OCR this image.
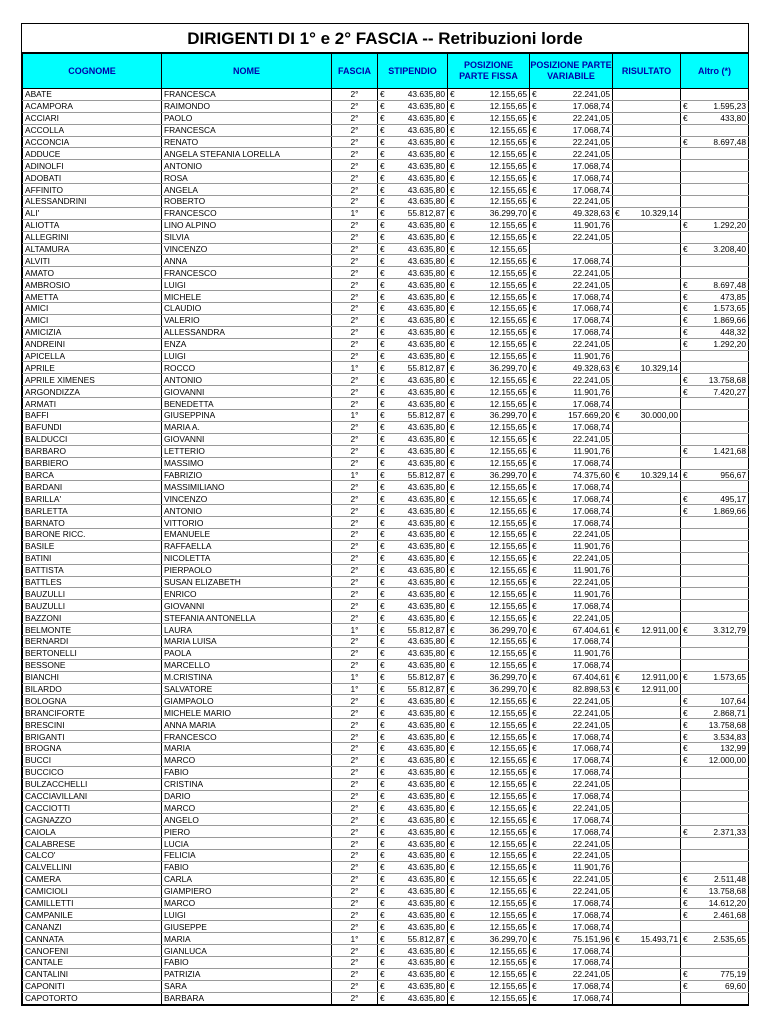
DIRIGENTI DI 1° e 2° FASCIA -- Retribuzioni lorde
COGNOME	NOME	FASCIA	STIPENDIO	POSIZIONE PARTE FISSA	POSIZIONE PARTE VARIABILE	RISULTATO	Altro (*)
ABATE	FRANCESCA	2°	€ 43.635,80	€ 12.155,65	€ 22.241,05		

ACAMPORA	RAIMONDO	2°	€ 43.635,80	€ 12.155,65	€ 17.068,74		€ 1.595,23

ACCIARI	PAOLO	2°	€ 43.635,80	€ 12.155,65	€ 22.241,05		€ 433,80

ACCOLLA	FRANCESCA	2°	€ 43.635,80	€ 12.155,65	€ 17.068,74		

ACCONCIA	RENATO	2°	€ 43.635,80	€ 12.155,65	€ 22.241,05		€ 8.697,48

ADDUCE	ANGELA STEFANIA LORELLA	2°	€ 43.635,80	€ 12.155,65	€ 22.241,05		

ADINOLFI	ANTONIO	2°	€ 43.635,80	€ 12.155,65	€ 17.068,74		

ADOBATI	ROSA	2°	€ 43.635,80	€ 12.155,65	€ 17.068,74		

AFFINITO	ANGELA	2°	€ 43.635,80	€ 12.155,65	€ 17.068,74		

ALESSANDRINI	ROBERTO	2°	€ 43.635,80	€ 12.155,65	€ 22.241,05		

ALI'	FRANCESCO	1°	€ 55.812,87	€ 36.299,70	€ 49.328,63	€ 10.329,14	

ALIOTTA	LINO ALPINO	2°	€ 43.635,80	€ 12.155,65	€ 11.901,76		€ 1.292,20

ALLEGRINI	SILVIA	2°	€ 43.635,80	€ 12.155,65	€ 22.241,05		

ALTAMURA	VINCENZO	2°	€ 43.635,80	€ 12.155,65			€ 3.208,40

ALVITI	ANNA	2°	€ 43.635,80	€ 12.155,65	€ 17.068,74		

AMATO	FRANCESCO	2°	€ 43.635,80	€ 12.155,65	€ 22.241,05		

AMBROSIO	LUIGI	2°	€ 43.635,80	€ 12.155,65	€ 22.241,05		€ 8.697,48

AMETTA	MICHELE	2°	€ 43.635,80	€ 12.155,65	€ 17.068,74		€ 473,85

AMICI	CLAUDIO	2°	€ 43.635,80	€ 12.155,65	€ 17.068,74		€ 1.573,65

AMICI	VALERIO	2°	€ 43.635,80	€ 12.155,65	€ 17.068,74		€ 1.869,66

AMICIZIA	ALLESSANDRA	2°	€ 43.635,80	€ 12.155,65	€ 17.068,74		€ 448,32

ANDREINI	ENZA	2°	€ 43.635,80	€ 12.155,65	€ 22.241,05		€ 1.292,20

APICELLA	LUIGI	2°	€ 43.635,80	€ 12.155,65	€ 11.901,76		

APRILE	ROCCO	1°	€ 55.812,87	€ 36.299,70	€ 49.328,63	€ 10.329,14	

APRILE XIMENES	ANTONIO	2°	€ 43.635,80	€ 12.155,65	€ 22.241,05		€ 13.758,68

ARGONDIZZA	GIOVANNI	2°	€ 43.635,80	€ 12.155,65	€ 11.901,76		€ 7.420,27

ARMATI	BENEDETTA	2°	€ 43.635,80	€ 12.155,65	€ 17.068,74		

BAFFI	GIUSEPPINA	1°	€ 55.812,87	€ 36.299,70	€ 157.669,20	€ 30.000,00	

BAFUNDI	MARIA A.	2°	€ 43.635,80	€ 12.155,65	€ 17.068,74		

BALDUCCI	GIOVANNI	2°	€ 43.635,80	€ 12.155,65	€ 22.241,05		

BARBARO	LETTERIO	2°	€ 43.635,80	€ 12.155,65	€ 11.901,76		€ 1.421,68

BARBIERO	MASSIMO	2°	€ 43.635,80	€ 12.155,65	€ 17.068,74		

BARCA	FABRIZIO	1°	€ 55.812,87	€ 36.299,70	€ 74.375,60	€ 10.329,14	€ 956,67

BARDANI	MASSIMILIANO	2°	€ 43.635,80	€ 12.155,65	€ 17.068,74		

BARILLA'	VINCENZO	2°	€ 43.635,80	€ 12.155,65	€ 17.068,74		€ 495,17

BARLETTA	ANTONIO	2°	€ 43.635,80	€ 12.155,65	€ 17.068,74		€ 1.869,66

BARNATO	VITTORIO	2°	€ 43.635,80	€ 12.155,65	€ 17.068,74		

BARONE RICC.	EMANUELE	2°	€ 43.635,80	€ 12.155,65	€ 22.241,05		

BASILE	RAFFAELLA	2°	€ 43.635,80	€ 12.155,65	€ 11.901,76		

BATINI	NICOLETTA	2°	€ 43.635,80	€ 12.155,65	€ 22.241,05		

BATTISTA	PIERPAOLO	2°	€ 43.635,80	€ 12.155,65	€ 11.901,76		

BATTLES	SUSAN ELIZABETH	2°	€ 43.635,80	€ 12.155,65	€ 22.241,05		

BAUZULLI	ENRICO	2°	€ 43.635,80	€ 12.155,65	€ 11.901,76		

BAUZULLI	GIOVANNI	2°	€ 43.635,80	€ 12.155,65	€ 17.068,74		

BAZZONI	STEFANIA ANTONELLA	2°	€ 43.635,80	€ 12.155,65	€ 22.241,05		

BELMONTE	LAURA	1°	€ 55.812,87	€ 36.299,70	€ 67.404,61	€ 12.911,00	€ 3.312,79

BERNARDI	MARIA LUISA	2°	€ 43.635,80	€ 12.155,65	€ 17.068,74		

BERTONELLI	PAOLA	2°	€ 43.635,80	€ 12.155,65	€ 11.901,76		

BESSONE	MARCELLO	2°	€ 43.635,80	€ 12.155,65	€ 17.068,74		

BIANCHI	M.CRISTINA	1°	€ 55.812,87	€ 36.299,70	€ 67.404,61	€ 12.911,00	€ 1.573,65

BILARDO	SALVATORE	1°	€ 55.812,87	€ 36.299,70	€ 82.898,53	€ 12.911,00	

BOLOGNA	GIAMPAOLO	2°	€ 43.635,80	€ 12.155,65	€ 22.241,05		€ 107,64

BRANCIFORTE	MICHELE MARIO	2°	€ 43.635,80	€ 12.155,65	€ 22.241,05		€ 2.868,71

BRESCINI	ANNA MARIA	2°	€ 43.635,80	€ 12.155,65	€ 22.241,05		€ 13.758,68

BRIGANTI	FRANCESCO	2°	€ 43.635,80	€ 12.155,65	€ 17.068,74		€ 3.534,83

BROGNA	MARIA	2°	€ 43.635,80	€ 12.155,65	€ 17.068,74		€ 132,99

BUCCI	MARCO	2°	€ 43.635,80	€ 12.155,65	€ 17.068,74		€ 12.000,00

BUCCICO	FABIO	2°	€ 43.635,80	€ 12.155,65	€ 17.068,74		

BULZACCHELLI	CRISTINA	2°	€ 43.635,80	€ 12.155,65	€ 22.241,05		

CACCIAVILLANI	DARIO	2°	€ 43.635,80	€ 12.155,65	€ 17.068,74		

CACCIOTTI	MARCO	2°	€ 43.635,80	€ 12.155,65	€ 22.241,05		

CAGNAZZO	ANGELO	2°	€ 43.635,80	€ 12.155,65	€ 17.068,74		

CAIOLA	PIERO	2°	€ 43.635,80	€ 12.155,65	€ 17.068,74		€ 2.371,33

CALABRESE	LUCIA	2°	€ 43.635,80	€ 12.155,65	€ 22.241,05		

CALCO'	FELICIA	2°	€ 43.635,80	€ 12.155,65	€ 22.241,05		

CALVELLINI	FABIO	2°	€ 43.635,80	€ 12.155,65	€ 11.901,76		

CAMERA	CARLA	2°	€ 43.635,80	€ 12.155,65	€ 22.241,05		€ 2.511,48

CAMICIOLI	GIAMPIERO	2°	€ 43.635,80	€ 12.155,65	€ 22.241,05		€ 13.758,68

CAMILLETTI	MARCO	2°	€ 43.635,80	€ 12.155,65	€ 17.068,74		€ 14.612,20

CAMPANILE	LUIGI	2°	€ 43.635,80	€ 12.155,65	€ 17.068,74		€ 2.461,68

CANANZI	GIUSEPPE	2°	€ 43.635,80	€ 12.155,65	€ 17.068,74		

CANNATA	MARIA	1°	€ 55.812,87	€ 36.299,70	€ 75.151,96	€ 15.493,71	€ 2.535,65

CANOFENI	GIANLUCA	2°	€ 43.635,80	€ 12.155,65	€ 17.068,74		

CANTALE	FABIO	2°	€ 43.635,80	€ 12.155,65	€ 17.068,74		

CANTALINI	PATRIZIA	2°	€ 43.635,80	€ 12.155,65	€ 22.241,05		€ 775,19

CAPONITI	SARA	2°	€ 43.635,80	€ 12.155,65	€ 17.068,74		€ 69,60

CAPOTORTO	BARBARA	2°	€ 43.635,80	€ 12.155,65	€ 17.068,74		
